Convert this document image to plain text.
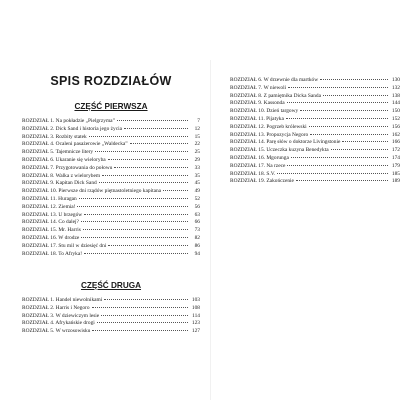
SPIS ROZDZIAŁÓW
CZĘŚĆ PIERWSZA
ROZDZIAŁ 1. Na pokładzie „Pielgrzyma”	7
ROZDZIAŁ 2. Dick Sand i historia jego życia	12
ROZDZIAŁ 3. Rozbity statek	15
ROZDZIAŁ 4. Ocaleni pasażerowie „Waldecka”	22
ROZDZIAŁ 5. Tajemnicze litery	25
ROZDZIAŁ 6. Ukaranie się wieloryba	29
ROZDZIAŁ 7. Przygotowania do połowu	33
ROZDZIAŁ 8. Walka z wielorybem	35
ROZDZIAŁ 9. Kapitan Dick Sand	45
ROZDZIAŁ 10. Pierwsze dni rządów piętnastoletniego kapitana	49
ROZDZIAŁ 11. Huragan	52
ROZDZIAŁ 12. Ziemia!	56
ROZDZIAŁ 13. U brzegów	63
ROZDZIAŁ 14. Co dalej?	66
ROZDZIAŁ 15. Mr. Harris	73
ROZDZIAŁ 16. W drodze	82
ROZDZIAŁ 17. Stu mil w dziesięć dni	86
ROZDZIAŁ 18. To Afryka!	94
CZĘŚĆ DRUGA
ROZDZIAŁ 1. Handel niewolnikami	103
ROZDZIAŁ 2. Harris i Negoro	108
ROZDZIAŁ 3. W dziewiczym lesie	114
ROZDZIAŁ 4. Afrykańskie drogi	123
ROZDZIAŁ 5. W wrzosowisku	127
ROZDZIAŁ 6. W drzewnie dla martków	130
ROZDZIAŁ 7. W niewoli	132
ROZDZIAŁ 8. Z pamiętnika Dicka Sanda	138
ROZDZIAŁ 9. Kassonda	144
ROZDZIAŁ 10. Dzień targowy	150
ROZDZIAŁ 11. Pijatyka	152
ROZDZIAŁ 12. Pogrzeb królewski	156
ROZDZIAŁ 13. Propozycja Negoro	162
ROZDZIAŁ 14. Parę słów o doktorze Livingstonie	166
ROZDZIAŁ 15. Uczeczka kuzyna Benedykta	172
ROZDZIAŁ 16. Mgorunga	174
ROZDZIAŁ 17. Na rzece	179
ROZDZIAŁ 18. S.V.	185
ROZDZIAŁ 19. Zakończenie	189
